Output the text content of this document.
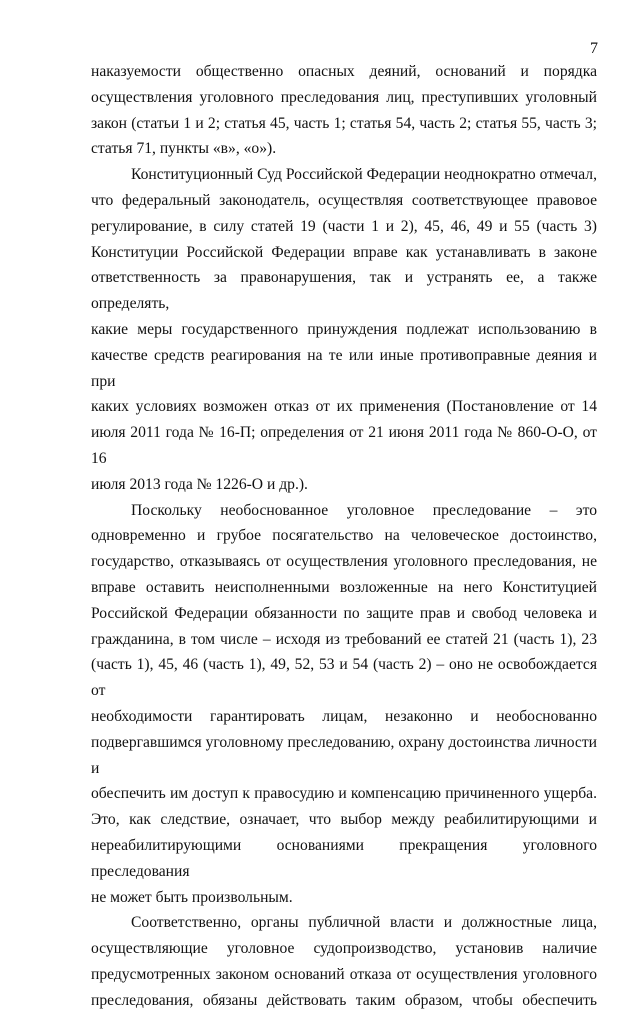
7
наказуемости общественно опасных деяний, оснований и порядка
осуществления уголовного преследования лиц, преступивших уголовный
закон (статьи 1 и 2; статья 45, часть 1; статья 54, часть 2; статья 55, часть 3;
статья 71, пункты «в», «о»).
Конституционный Суд Российской Федерации неоднократно отмечал,
что федеральный законодатель, осуществляя соответствующее правовое
регулирование, в силу статей 19 (части 1 и 2), 45, 46, 49 и 55 (часть 3)
Конституции Российской Федерации вправе как устанавливать в законе
ответственность за правонарушения, так и устранять ее, а также определять,
какие меры государственного принуждения подлежат использованию в
качестве средств реагирования на те или иные противоправные деяния и при
каких условиях возможен отказ от их применения (Постановление от 14
июля 2011 года № 16-П; определения от 21 июня 2011 года № 860-О-О, от 16
июля 2013 года № 1226-О и др.).
Поскольку необоснованное уголовное преследование – это
одновременно и грубое посягательство на человеческое достоинство,
государство, отказываясь от осуществления уголовного преследования, не
вправе оставить неисполненными возложенные на него Конституцией
Российской Федерации обязанности по защите прав и свобод человека и
гражданина, в том числе – исходя из требований ее статей 21 (часть 1), 23
(часть 1), 45, 46 (часть 1), 49, 52, 53 и 54 (часть 2) – оно не освобождается от
необходимости гарантировать лицам, незаконно и необоснованно
подвергавшимся уголовному преследованию, охрану достоинства личности и
обеспечить им доступ к правосудию и компенсацию причиненного ущерба.
Это, как следствие, означает, что выбор между реабилитирующими и
нереабилитирующими основаниями прекращения уголовного преследования
не может быть произвольным.
Соответственно, органы публичной власти и должностные лица,
осуществляющие уголовное судопроизводство, установив наличие
предусмотренных законом оснований отказа от осуществления уголовного
преследования, обязаны действовать таким образом, чтобы обеспечить
